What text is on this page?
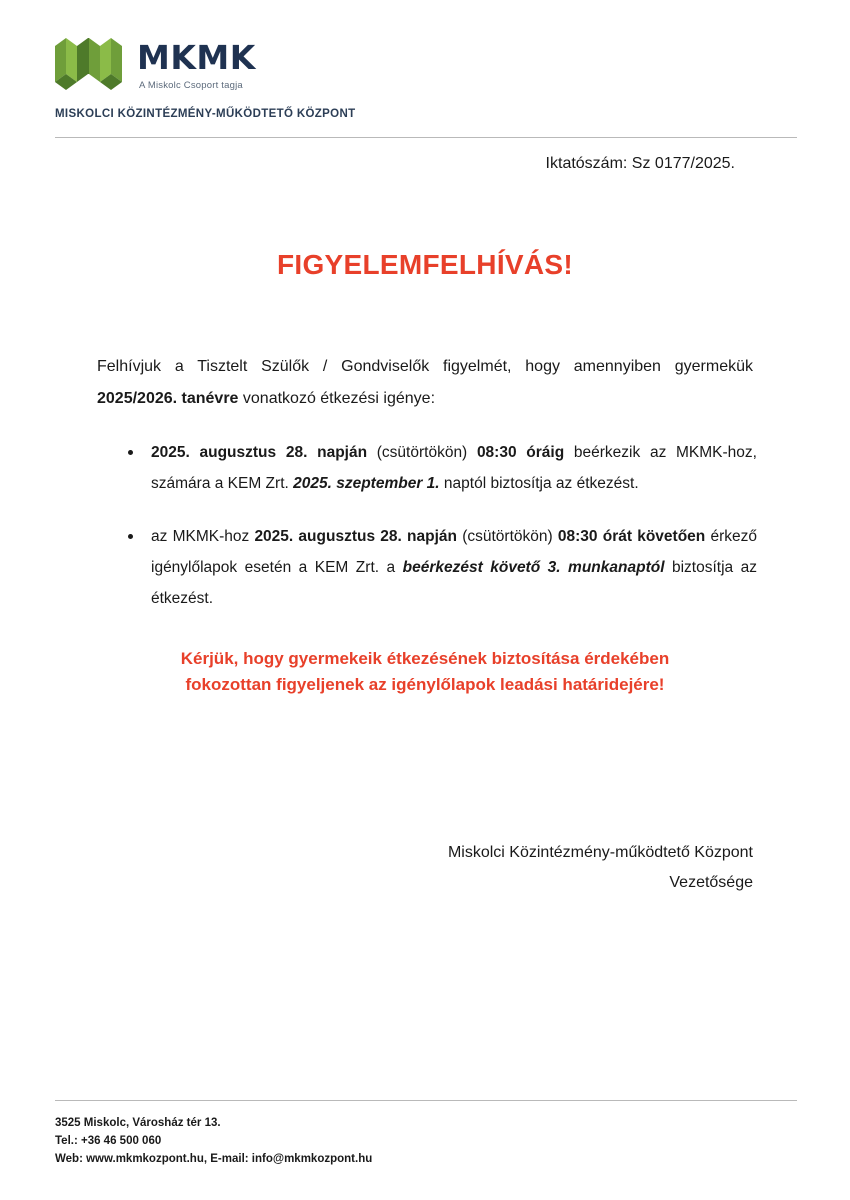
MKMK
A Miskolc Csoport tagja
MISKOLCI KÖZINTÉZMÉNY-MŰKÖDTETŐ KÖZPONT
Iktatószám: Sz 0177/2025.
FIGYELEMFELHÍVÁS!

Felhívjuk a Tisztelt Szülők / Gondviselők figyelmét, hogy amennyiben gyermekük 2025/2026. tanévre vonatkozó étkezési igénye:

2025. augusztus 28. napján (csütörtökön) 08:30 óráig beérkezik az MKMK-hoz, számára a KEM Zrt. 2025. szeptember 1. naptól biztosítja az étkezést.
az MKMK-hoz 2025. augusztus 28. napján (csütörtökön) 08:30 órát követően érkező igénylőlapok esetén a KEM Zrt. a beérkezést követő 3. munkanaptól biztosítja az étkezést.
Kérjük, hogy gyermekeik étkezésének biztosítása érdekében
fokozottan figyeljenek az igénylőlapok leadási határidejére!
Miskolci Közintézmény-működtető Központ
Vezetősége
3525 Miskolc, Városház tér 13.
Tel.: +36 46 500 060
Web: www.mkmkozpont.hu, E-mail: info@mkmkozpont.hu
